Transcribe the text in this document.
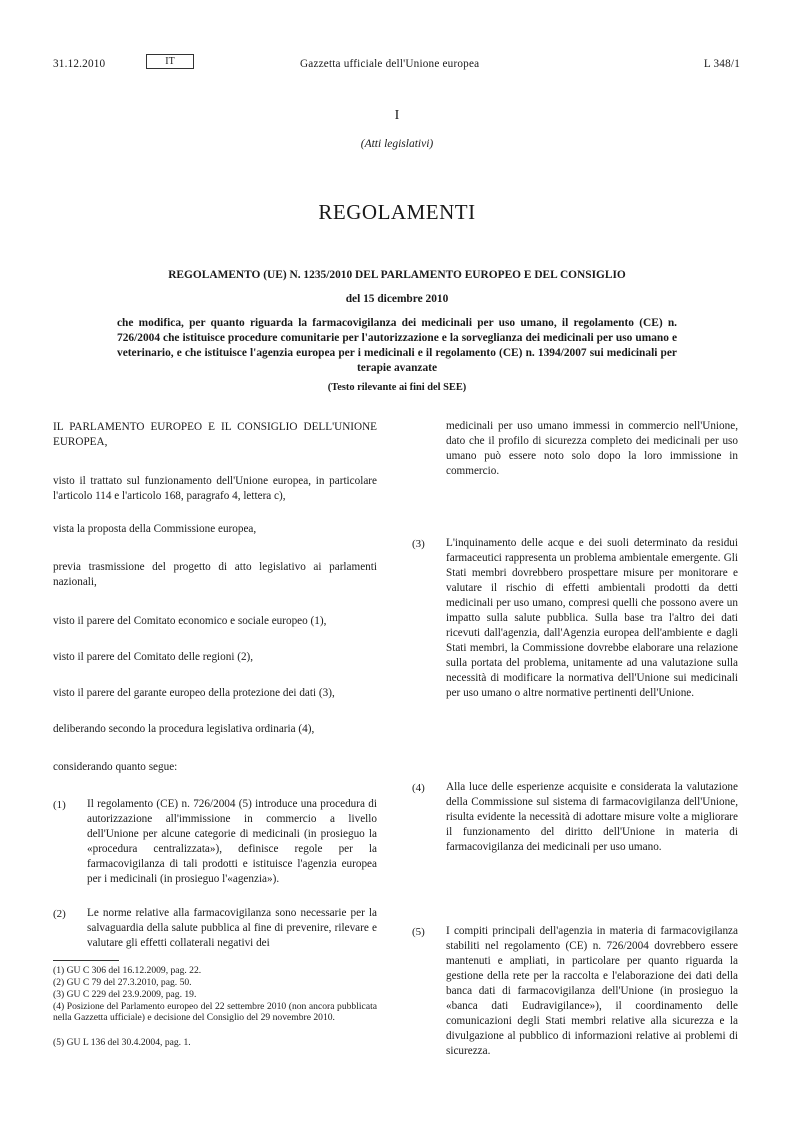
31.12.2010	IT	Gazzetta ufficiale dell'Unione europea	L 348/1
I
(Atti legislativi)
REGOLAMENTI
REGOLAMENTO (UE) N. 1235/2010 DEL PARLAMENTO EUROPEO E DEL CONSIGLIO
del 15 dicembre 2010
che modifica, per quanto riguarda la farmacovigilanza dei medicinali per uso umano, il regolamento (CE) n. 726/2004 che istituisce procedure comunitarie per l'autorizzazione e la sorveglianza dei medicinali per uso umano e veterinario, e che istituisce l'agenzia europea per i medicinali e il regolamento (CE) n. 1394/2007 sui medicinali per terapie avanzate
(Testo rilevante ai fini del SEE)
IL PARLAMENTO EUROPEO E IL CONSIGLIO DELL'UNIONE EUROPEA,
visto il trattato sul funzionamento dell'Unione europea, in particolare l'articolo 114 e l'articolo 168, paragrafo 4, lettera c),
vista la proposta della Commissione europea,
previa trasmissione del progetto di atto legislativo ai parlamenti nazionali,
visto il parere del Comitato economico e sociale europeo (1),
visto il parere del Comitato delle regioni (2),
visto il parere del garante europeo della protezione dei dati (3),
deliberando secondo la procedura legislativa ordinaria (4),
considerando quanto segue:
(1) Il regolamento (CE) n. 726/2004 (5) introduce una procedura di autorizzazione all'immissione in commercio a livello dell'Unione per alcune categorie di medicinali (in prosieguo la «procedura centralizzata»), definisce regole per la farmacovigilanza di tali prodotti e istituisce l'agenzia europea per i medicinali (in prosieguo l'«agenzia»).
(2) Le norme relative alla farmacovigilanza sono necessarie per la salvaguardia della salute pubblica al fine di prevenire, rilevare e valutare gli effetti collaterali negativi dei
(1) GU C 306 del 16.12.2009, pag. 22.
(2) GU C 79 del 27.3.2010, pag. 50.
(3) GU C 229 del 23.9.2009, pag. 19.
(4) Posizione del Parlamento europeo del 22 settembre 2010 (non ancora pubblicata nella Gazzetta ufficiale) e decisione del Consiglio del 29 novembre 2010.
(5) GU L 136 del 30.4.2004, pag. 1.
medicinali per uso umano immessi in commercio nell'Unione, dato che il profilo di sicurezza completo dei medicinali per uso umano può essere noto solo dopo la loro immissione in commercio.
(3) L'inquinamento delle acque e dei suoli determinato da residui farmaceutici rappresenta un problema ambientale emergente. Gli Stati membri dovrebbero prospettare misure per monitorare e valutare il rischio di effetti ambientali prodotti da detti medicinali per uso umano, compresi quelli che possono avere un impatto sulla salute pubblica. Sulla base tra l'altro dei dati ricevuti dall'agenzia, dall'Agenzia europea dell'ambiente e dagli Stati membri, la Commissione dovrebbe elaborare una relazione sulla portata del problema, unitamente ad una valutazione sulla necessità di modificare la normativa dell'Unione sui medicinali per uso umano o altre normative pertinenti dell'Unione.
(4) Alla luce delle esperienze acquisite e considerata la valutazione della Commissione sul sistema di farmacovigilanza dell'Unione, risulta evidente la necessità di adottare misure volte a migliorare il funzionamento del diritto dell'Unione in materia di farmacovigilanza dei medicinali per uso umano.
(5) I compiti principali dell'agenzia in materia di farmacovigilanza stabiliti nel regolamento (CE) n. 726/2004 dovrebbero essere mantenuti e ampliati, in particolare per quanto riguarda la gestione della rete per la raccolta e l'elaborazione dei dati della banca dati di farmacovigilanza dell'Unione (in prosieguo la «banca dati Eudravigilance»), il coordinamento delle comunicazioni degli Stati membri relative alla sicurezza e la divulgazione al pubblico di informazioni relative ai problemi di sicurezza.
